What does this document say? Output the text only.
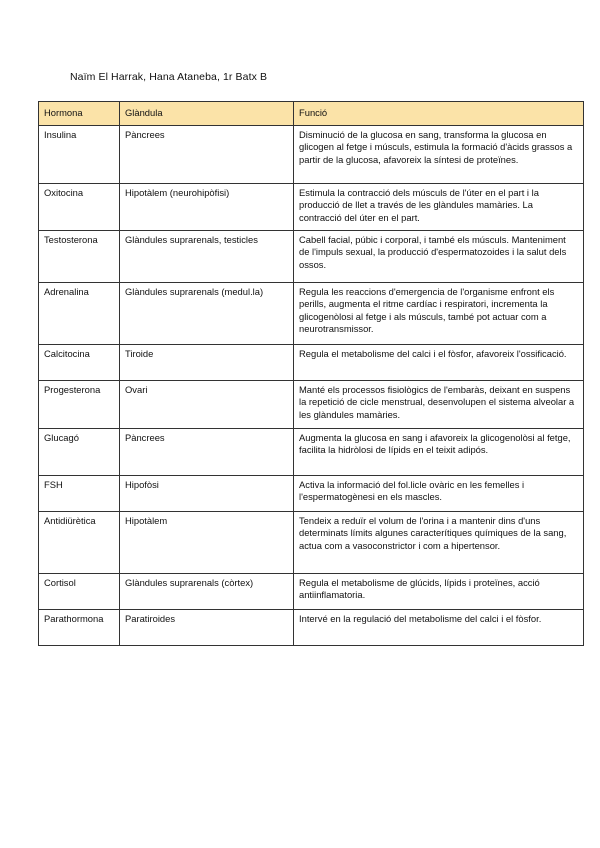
Naïm El Harrak, Hana Ataneba, 1r Batx B
Hormona	Glàndula	Funció
Insulina	Pàncrees	Disminució de la glucosa en sang, transforma la glucosa en glicogen al fetge i músculs, estimula la formació d'àcids grassos a partir de la glucosa, afavoreix la síntesi de proteïnes.
Oxitocina	Hipotàlem (neurohipòfisi)	Estimula la contracció dels músculs de l'úter en el part i la producció de llet a través de les glàndules mamàries. La contracció del úter en el part.
Testosterona	Glàndules suprarenals, testicles	Cabell facial, púbic i corporal, i també els músculs. Manteniment de l'impuls sexual, la producció d'espermatozoides i la salut dels ossos.
Adrenalina	Glàndules suprarenals (medul.la)	Regula les reaccions d'emergencia de l'organisme enfront els perills, augmenta el ritme cardíac i respiratori, incrementa la glicogenòlosi al fetge i als músculs, també pot actuar com a neurotransmissor.
Calcitocina	Tiroide	Regula el metabolisme del calci i el fòsfor, afavoreix l'ossificació.
Progesterona	Ovari	Manté els processos fisiològics de l'embaràs, deixant en suspens la repetició de cicle menstrual, desenvolupen el sistema alveolar a les glàndules mamàries.
Glucagó	Pàncrees	Augmenta la glucosa en sang i afavoreix la glicogenolòsi al fetge, facilita la hidròlosi de lípids en el teixit adipós.
FSH	Hipofòsi	Activa la informació del fol.licle ovàric en les femelles i l'espermatogènesi en els mascles.
Antidiürètica	Hipotàlem	Tendeix a reduïr el volum de l'orina i a mantenir dins d'uns determinats límits algunes caracterítiques químiques de la sang, actua com a vasoconstrictor i com a hipertensor.
Cortisol	Glàndules suprarenals (còrtex)	Regula el metabolisme de glúcids, lípids i proteïnes, acció antiinflamatoria.
Parathormona	Paratiroides	Intervé en la regulació del metabolisme del calci i el fòsfor.
